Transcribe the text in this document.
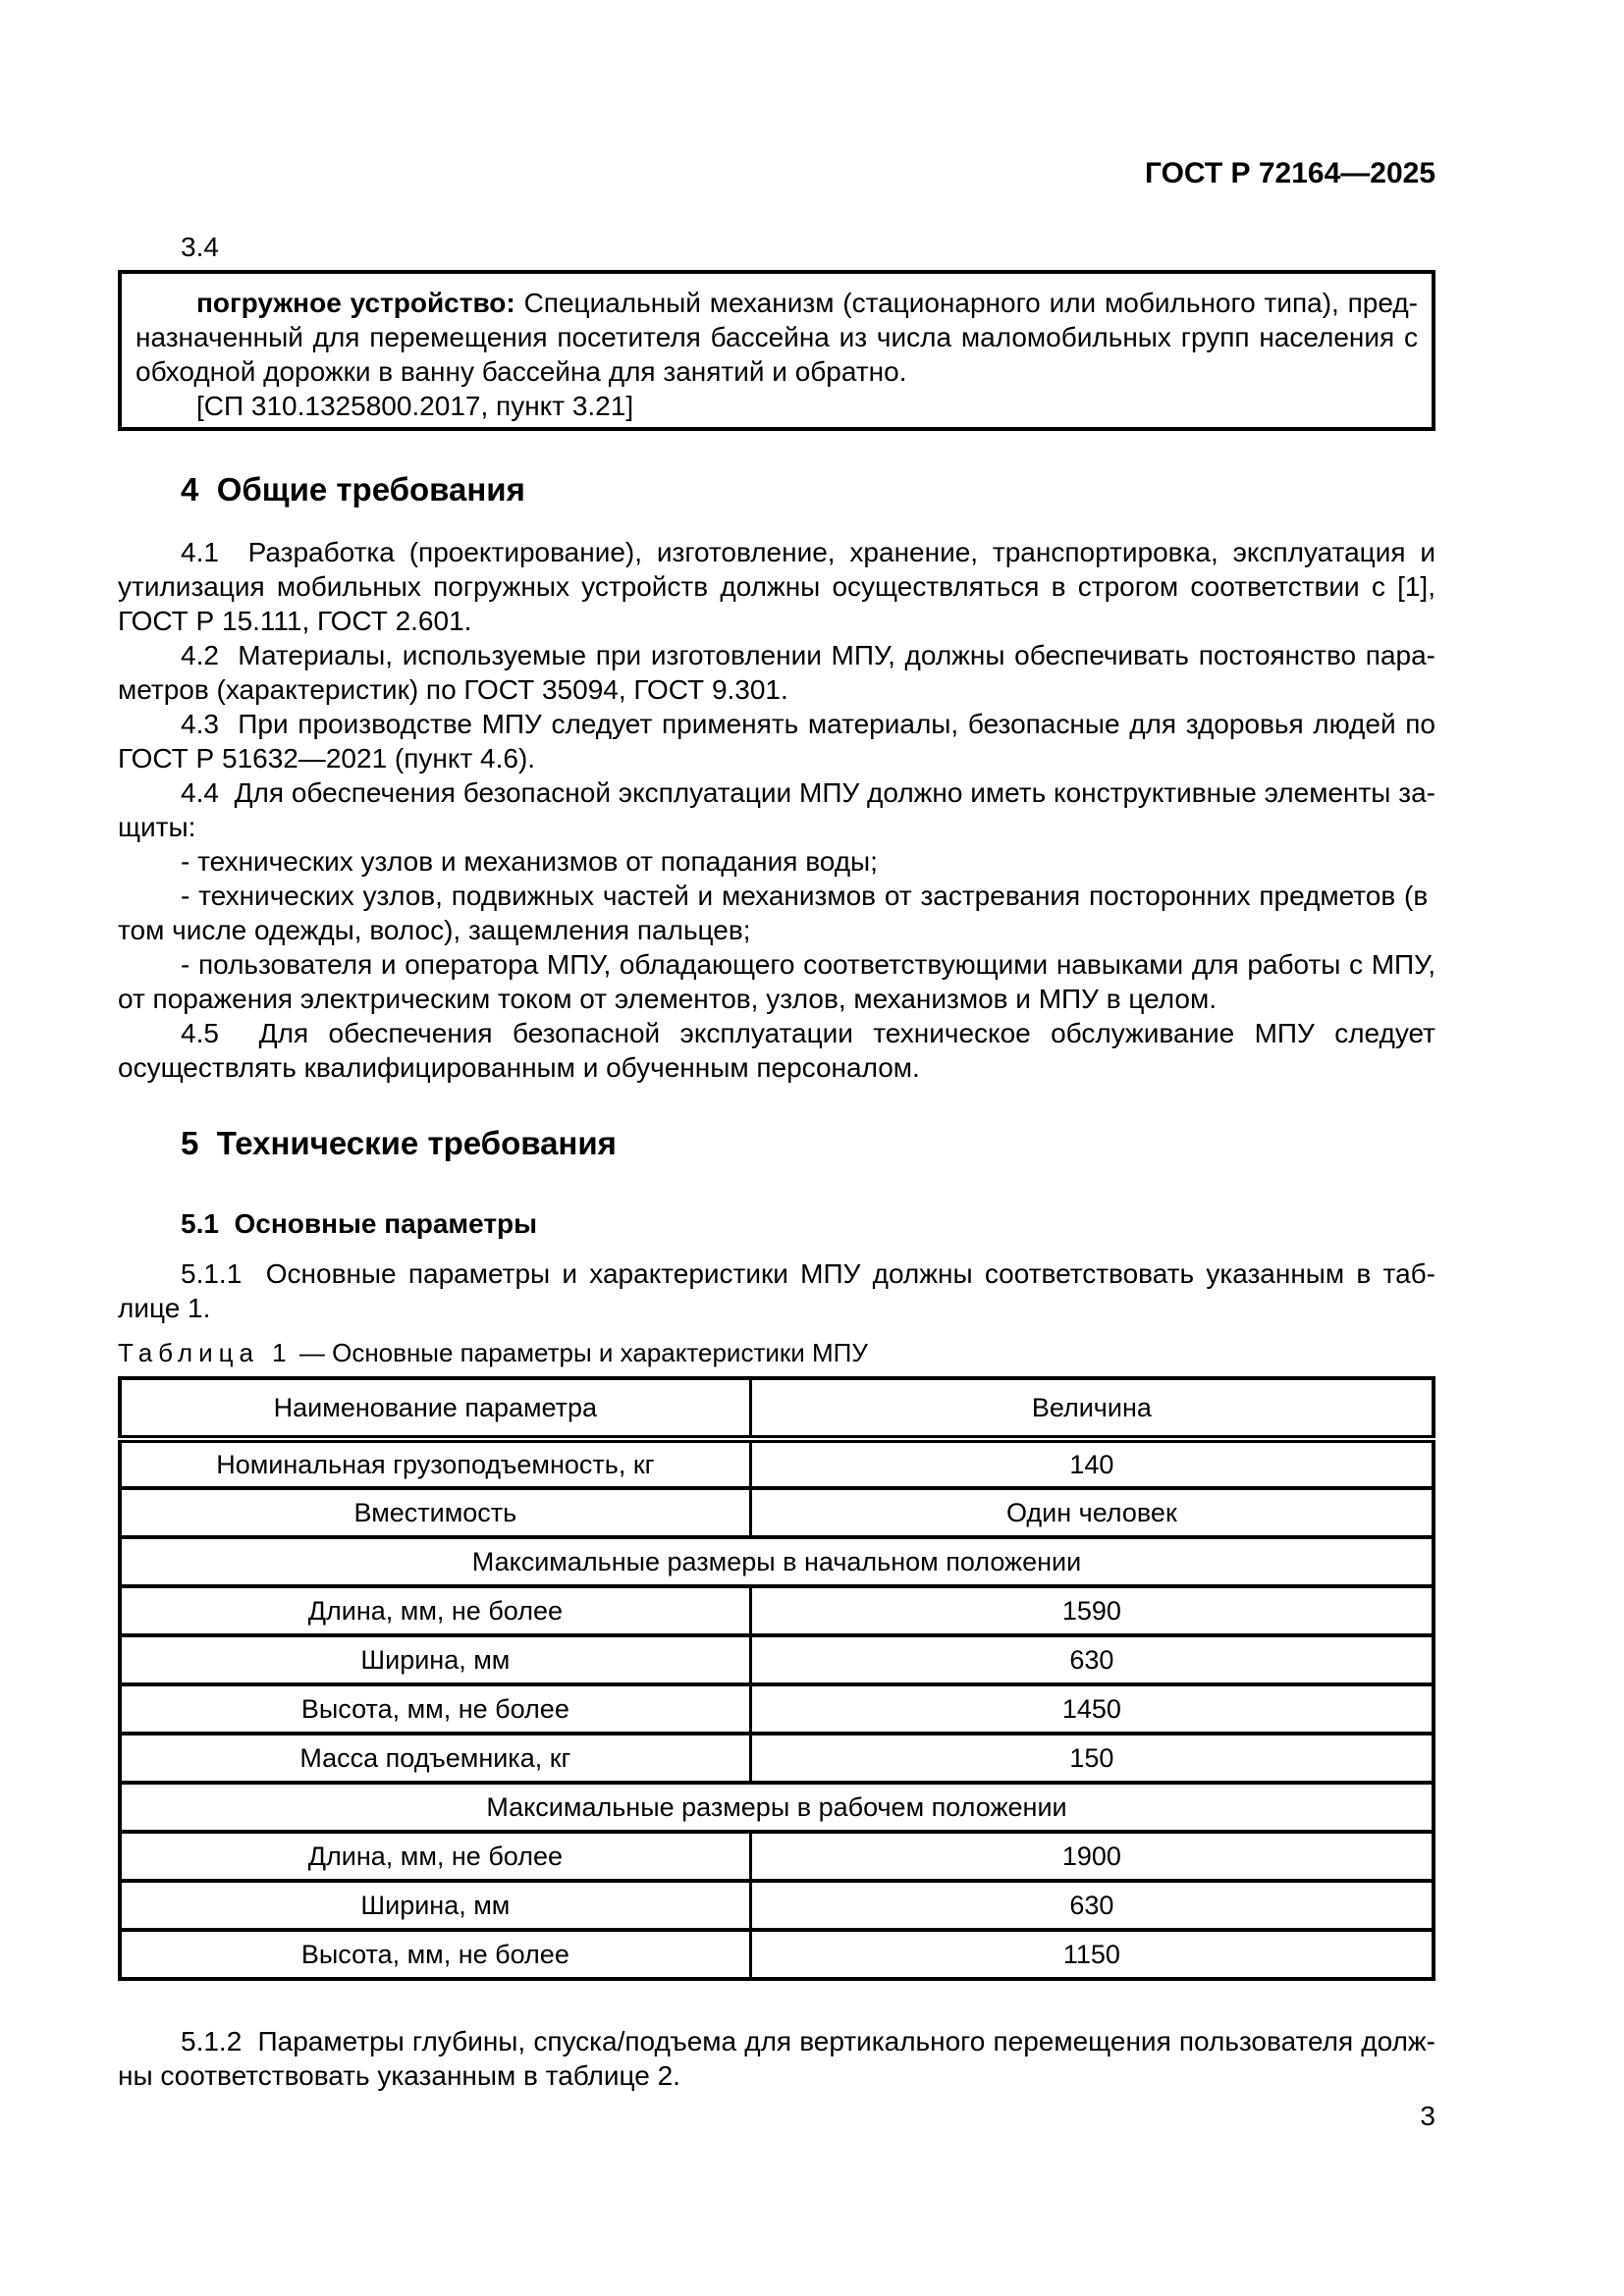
ГОСТ Р 72164—2025
3.4

погружное устройство: Специальный механизм (стационарного или мобильного типа), предназначенный для перемещения посетителя бассейна из числа маломобильных групп населения с обходной дорожки в ванну бассейна для занятий и обратно.

[СП 310.1325800.2017, пункт 3.21]

4  Общие требования

4.1  Разработка (проектирование), изготовление, хранение, транспортировка, эксплуатация и утилизация мобильных погружных устройств должны осуществляться в строгом соответствии с [1], ГОСТ Р 15.111, ГОСТ 2.601.

4.2  Материалы, используемые при изготовлении МПУ, должны обеспечивать постоянство параметров (характеристик) по ГОСТ 35094, ГОСТ 9.301.

4.3  При производстве МПУ следует применять материалы, безопасные для здоровья людей по ГОСТ Р 51632—2021 (пункт 4.6).

4.4  Для обеспечения безопасной эксплуатации МПУ должно иметь конструктивные элементы защиты:

- технических узлов и механизмов от попадания воды;

- технических узлов, подвижных частей и механизмов от застревания посторонних предметов (в  том числе одежды, волос), защемления пальцев;

- пользователя и оператора МПУ, обладающего соответствующими навыками для работы с МПУ, от поражения электрическим током от элементов, узлов, механизмов и МПУ в целом.

4.5  Для обеспечения безопасной эксплуатации техническое обслуживание МПУ следует осуществлять квалифицированным и обученным персоналом.

5  Технические требования
5.1  Основные параметры

5.1.1  Основные параметры и характеристики МПУ должны соответствовать указанным в таблице 1.

Таблица 1 — Основные параметры и характеристики МПУ
Наименование параметра	Величина
Номинальная грузоподъемность, кг	140
Вместимость	Один человек
Максимальные размеры в начальном положении	
Длина, мм, не более	1590
Ширина, мм	630
Высота, мм, не более	1450
Масса подъемника, кг	150
Максимальные размеры в рабочем положении	
Длина, мм, не более	1900
Ширина, мм	630
Высота, мм, не более	1150

5.1.2  Параметры глубины, спуска/подъема для вертикального перемещения пользователя должны соответствовать указанным в таблице 2.

3
